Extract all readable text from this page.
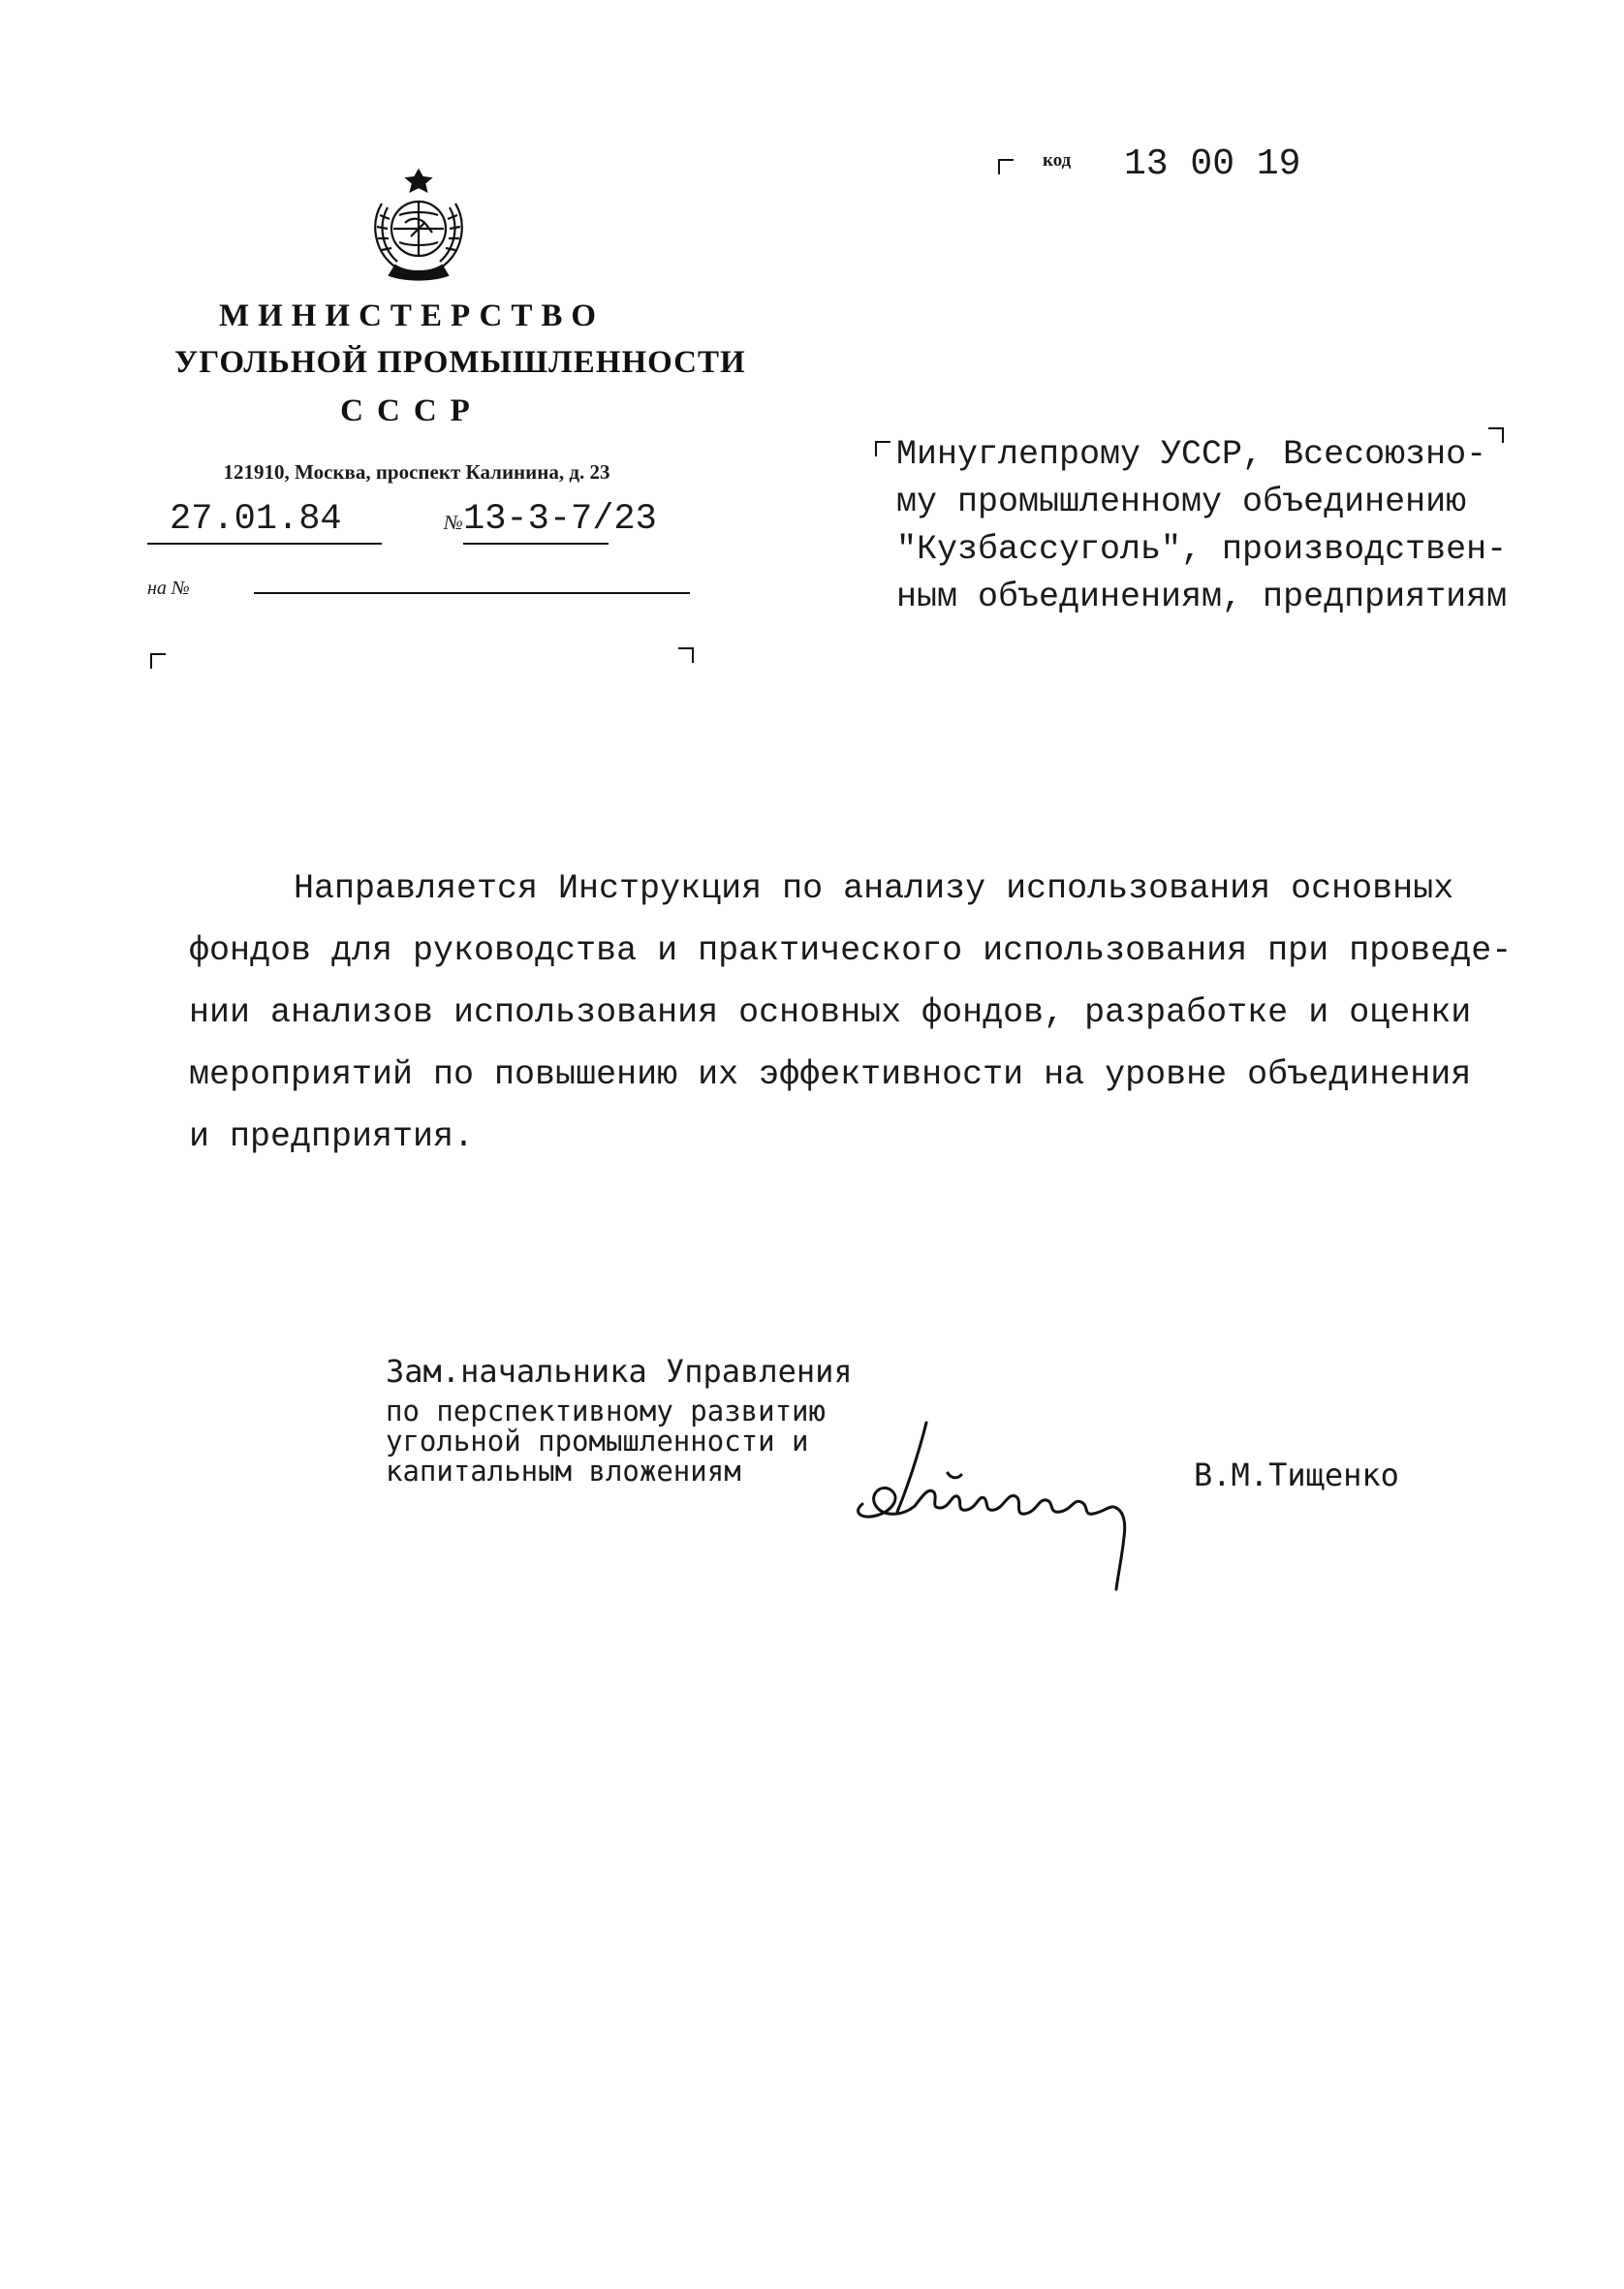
МИНИСТЕРСТВО
УГОЛЬНОЙ ПРОМЫШЛЕННОСТИ
СССР
121910, Москва, проспект Калинина, д. 23
27.01.84	№ 13-3-7/23
на №
код 13 00 19
Минуглепрому УССР, Всесоюзно-
му промышленному объединению
"Кузбассуголь", производствен-
ным объединениям, предприятиям
Направляется Инструкция по анализу использования основных
фондов для руководства и практического использования при проведе-
нии анализов использования основных фондов, разработке и оценки
мероприятий по повышению их эффективности на уровне объединения
и предприятия.
Зам.начальника Управления
по перспективному развитию
угольной промышленности и
капитальным вложениям	В.М.Тищенко
